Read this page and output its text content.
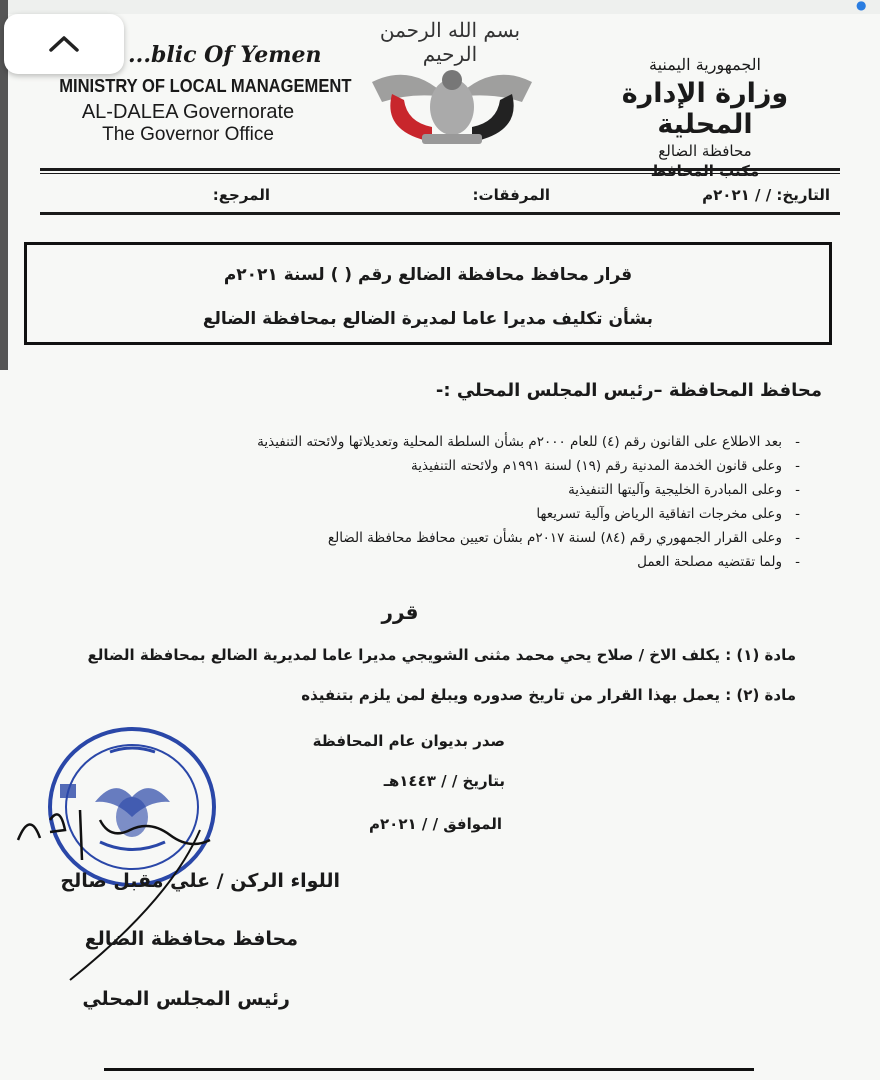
●
...blic Of Yemen
MINISTRY OF LOCAL MANAGEMENT
AL-DALEA Governorate
The Governor Office
بسم الله الرحمن الرحيم	الجمهورية اليمنية
وزارة الإدارة المحلية
محافظة الضالع
مكتب المحافظ
التاريخ: / / ٢٠٢١م
المرفقات:
المرجع:
قرار محافظ محافظة الضالع رقم ( ) لسنة ٢٠٢١م
بشأن تكليف مديرا عاما لمديرة الضالع بمحافظة الضالع
محافظ المحافظة –رئيس المجلس المحلي :-
- بعد الاطلاع على القانون رقم (٤) للعام ٢٠٠٠م بشأن السلطة المحلية وتعديلاتها ولائحته التنفيذية
- وعلى قانون الخدمة المدنية رقم (١٩) لسنة ١٩٩١م ولائحته التنفيذية
- وعلى المبادرة الخليجية وآليتها التنفيذية
- وعلى مخرجات اتفاقية الرياض وآلية تسريعها
- وعلى القرار الجمهوري رقم (٨٤) لسنة ٢٠١٧م بشأن تعيين محافظ محافظة الضالع
- ولما تقتضيه مصلحة العمل
قرر
مادة (١) : يكلف الاخ / صلاح يحي محمد مثنى الشويجي مديرا عاما لمديرية الضالع بمحافظة الضالع
مادة (٢) : يعمل بهذا القرار من تاريخ صدوره ويبلغ لمن يلزم بتنفيذه
صدر بديوان عام المحافظة
بتاريخ / / ١٤٤٣هـ
الموافق / / ٢٠٢١م
اللواء الركن / علي مقبل صالح
محافظ محافظة الضالع
رئيس المجلس المحلي
